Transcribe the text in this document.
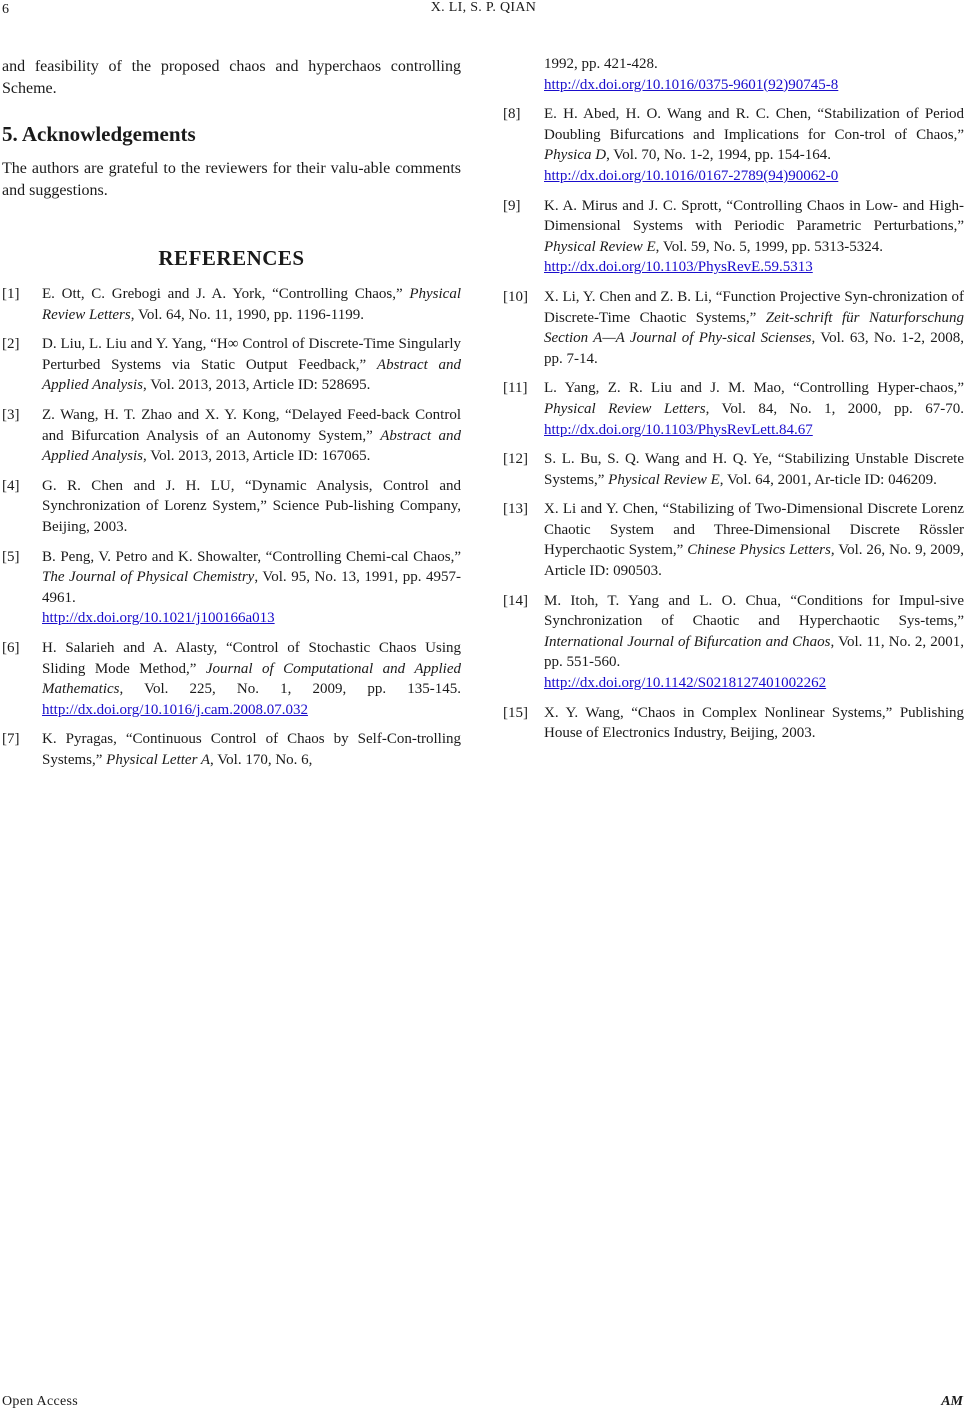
6	X. LI, S. P. QIAN

and feasibility of the proposed chaos and hyperchaos controlling Scheme.

5. Acknowledgements

The authors are grateful to the reviewers for their valu-able comments and suggestions.

REFERENCES
[1]	E. Ott, C. Grebogi and J. A. York, “Controlling Chaos,” Physical Review Letters, Vol. 64, No. 11, 1990, pp. 1196-1199.
[2]	D. Liu, L. Liu and Y. Yang, “H∞ Control of Discrete-Time Singularly Perturbed Systems via Static Output Feedback,” Abstract and Applied Analysis, Vol. 2013, 2013, Article ID: 528695.
[3]	Z. Wang, H. T. Zhao and X. Y. Kong, “Delayed Feed-back Control and Bifurcation Analysis of an Autonomy System,” Abstract and Applied Analysis, Vol. 2013, 2013, Article ID: 167065.
[4]	G. R. Chen and J. H. LU, “Dynamic Analysis, Control and Synchronization of Lorenz System,” Science Pub-lishing Company, Beijing, 2003.
[5]	B. Peng, V. Petro and K. Showalter, “Controlling Chemi-cal Chaos,” The Journal of Physical Chemistry, Vol. 95, No. 13, 1991, pp. 4957-4961.
http://dx.doi.org/10.1021/j100166a013
[6]	H. Salarieh and A. Alasty, “Control of Stochastic Chaos Using Sliding Mode Method,” Journal of Computational and Applied Mathematics, Vol. 225, No. 1, 2009, pp. 135-145. http://dx.doi.org/10.1016/j.cam.2008.07.032
[7]	K. Pyragas, “Continuous Control of Chaos by Self-Con-trolling Systems,” Physical Letter A, Vol. 170, No. 6,
1992, pp. 421-428.
http://dx.doi.org/10.1016/0375-9601(92)90745-8
[8]	E. H. Abed, H. O. Wang and R. C. Chen, “Stabilization of Period Doubling Bifurcations and Implications for Con-trol of Chaos,” Physica D, Vol. 70, No. 1-2, 1994, pp. 154-164.
http://dx.doi.org/10.1016/0167-2789(94)90062-0
[9]	K. A. Mirus and J. C. Sprott, “Controlling Chaos in Low- and High-Dimensional Systems with Periodic Parametric Perturbations,” Physical Review E, Vol. 59, No. 5, 1999, pp. 5313-5324.
http://dx.doi.org/10.1103/PhysRevE.59.5313
[10]	X. Li, Y. Chen and Z. B. Li, “Function Projective Syn-chronization of Discrete-Time Chaotic Systems,” Zeit-schrift für Naturforschung Section A—A Journal of Phy-sical Scienses, Vol. 63, No. 1-2, 2008, pp. 7-14.
[11]	L. Yang, Z. R. Liu and J. M. Mao, “Controlling Hyper-chaos,” Physical Review Letters, Vol. 84, No. 1, 2000, pp. 67-70. http://dx.doi.org/10.1103/PhysRevLett.84.67
[12]	S. L. Bu, S. Q. Wang and H. Q. Ye, “Stabilizing Unstable Discrete Systems,” Physical Review E, Vol. 64, 2001, Ar-ticle ID: 046209.
[13]	X. Li and Y. Chen, “Stabilizing of Two-Dimensional Discrete Lorenz Chaotic System and Three-Dimensional Discrete Rössler Hyperchaotic System,” Chinese Physics Letters, Vol. 26, No. 9, 2009, Article ID: 090503.
[14]	M. Itoh, T. Yang and L. O. Chua, “Conditions for Impul-sive Synchronization of Chaotic and Hyperchaotic Sys-tems,” International Journal of Bifurcation and Chaos, Vol. 11, No. 2, 2001, pp. 551-560.
http://dx.doi.org/10.1142/S0218127401002262
[15]	X. Y. Wang, “Chaos in Complex Nonlinear Systems,” Publishing House of Electronics Industry, Beijing, 2003.
Open Access	AM
